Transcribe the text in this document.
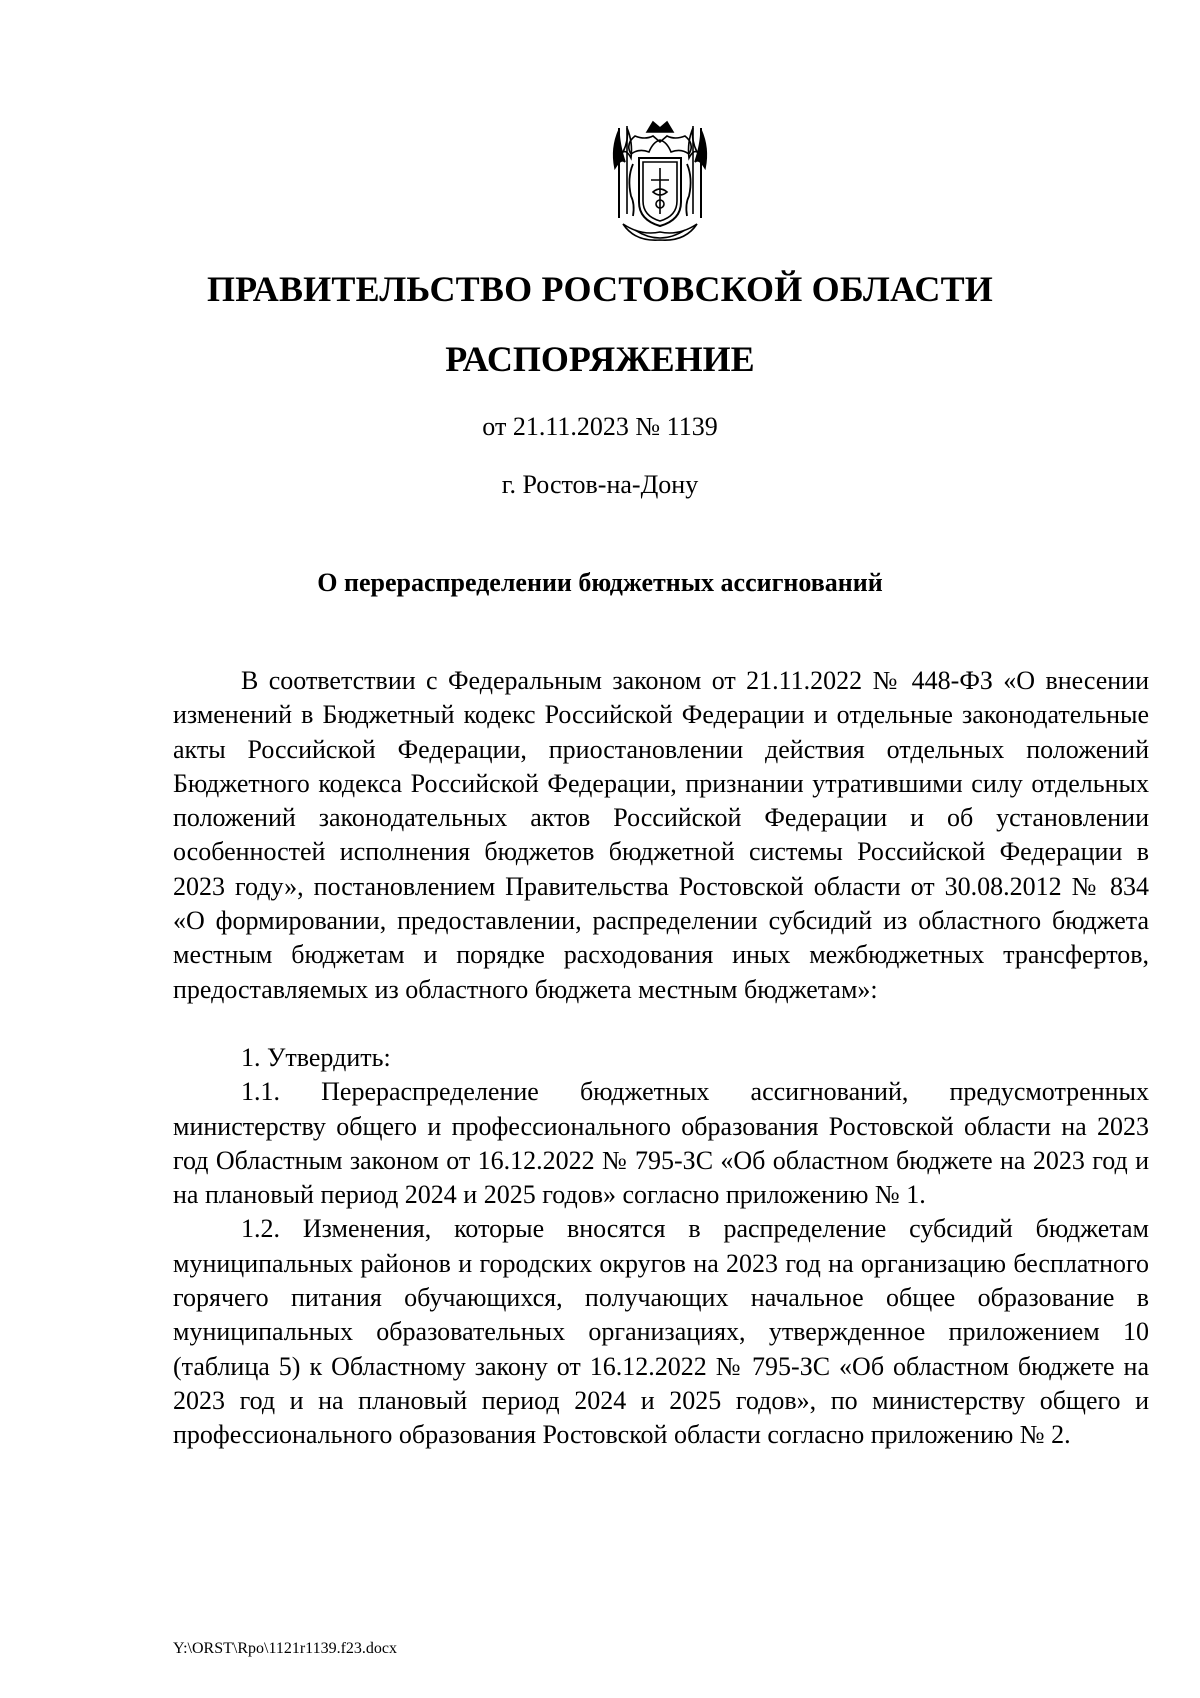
ПРАВИТЕЛЬСТВО РОСТОВСКОЙ ОБЛАСТИ
РАСПОРЯЖЕНИЕ
от 21.11.2023 № 1139
г. Ростов-на-Дону
О перераспределении бюджетных ассигнований

В соответствии с Федеральным законом от 21.11.2022 № 448-ФЗ «О внесении изменений в Бюджетный кодекс Российской Федерации и отдельные законодательные акты Российской Федерации, приостановлении действия отдельных положений Бюджетного кодекса Российской Федерации, признании утратившими силу отдельных положений законодательных актов Российской Федерации и об установлении особенностей исполнения бюджетов бюджетной системы Российской Федерации в 2023 году», постановлением Правительства Ростовской области от 30.08.2012 № 834 «О формировании, предоставлении, распределении субсидий из областного бюджета местным бюджетам и порядке расходования иных межбюджетных трансфертов, предоставляемых из областного бюджета местным бюджетам»:

1. Утвердить:

1.1. Перераспределение бюджетных ассигнований, предусмотренных министерству общего и профессионального образования Ростовской области на 2023 год Областным законом от 16.12.2022 № 795-ЗС «Об областном бюджете на 2023 год и на плановый период 2024 и 2025 годов» согласно приложению № 1.

1.2. Изменения, которые вносятся в распределение субсидий бюджетам муниципальных районов и городских округов на 2023 год на организацию бесплатного горячего питания обучающихся, получающих начальное общее образование в муниципальных образовательных организациях, утвержденное приложением 10 (таблица 5) к Областному закону от 16.12.2022 № 795-ЗС «Об областном бюджете на 2023 год и на плановый период 2024 и 2025 годов», по министерству общего и профессионального образования Ростовской области согласно приложению № 2.

Y:\ORST\Rpo\1121r1139.f23.docx
